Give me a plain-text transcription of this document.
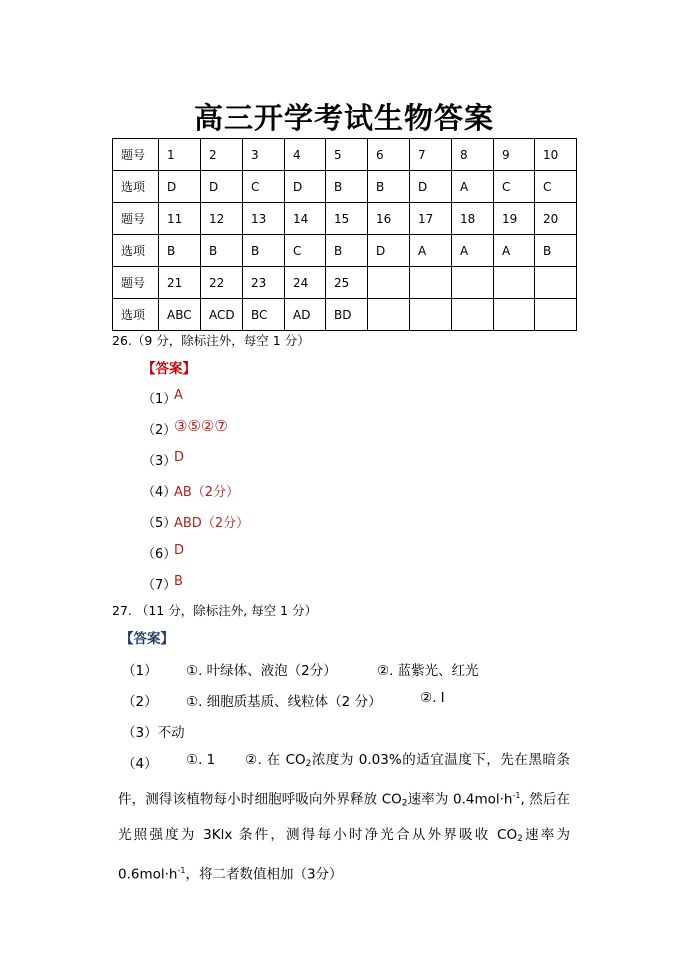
高三开学考试生物答案
题号	1	2	3	4	5	6	7	8	9	10
选项	D	D	C	D	B	B	D	A	C	C
题号	11	12	13	14	15	16	17	18	19	20
选项	B	B	B	C	B	D	A	A	A	B
题号	21	22	23	24	25					
选项	ABC	ACD	BC	AD	BD					
26.（9 分，除标注外，每空 1 分）
【答案】
（1）
A
（2）
③⑤②⑦
（3）
D
（4）
AB（2分）
（5）
ABD（2分）
（6）
D
（7）
B
27. （11 分，除标注外, 每空 1 分）
【答案】
（1） ①. 叶绿体、液泡（2分）	②. 蓝紫光、红光
（2） ①. 细胞质基质、线粒体（2 分）	②. I
（3）不动
（4） ①. 1	②. 在 $CO_2$浓度为 0.03%的适宜温度下，先在黑暗条件，测得该植物每小时细胞呼吸向外界释放 $CO_2$速率为 $0.4mol\cdot h^{-1}$, 然后在光照强度为 3Klx 条件，测得每小时净光合从外界吸收 $CO_2$速率为 $0.6mol\cdot h^{-1}$，将二者数值相加（3分）
